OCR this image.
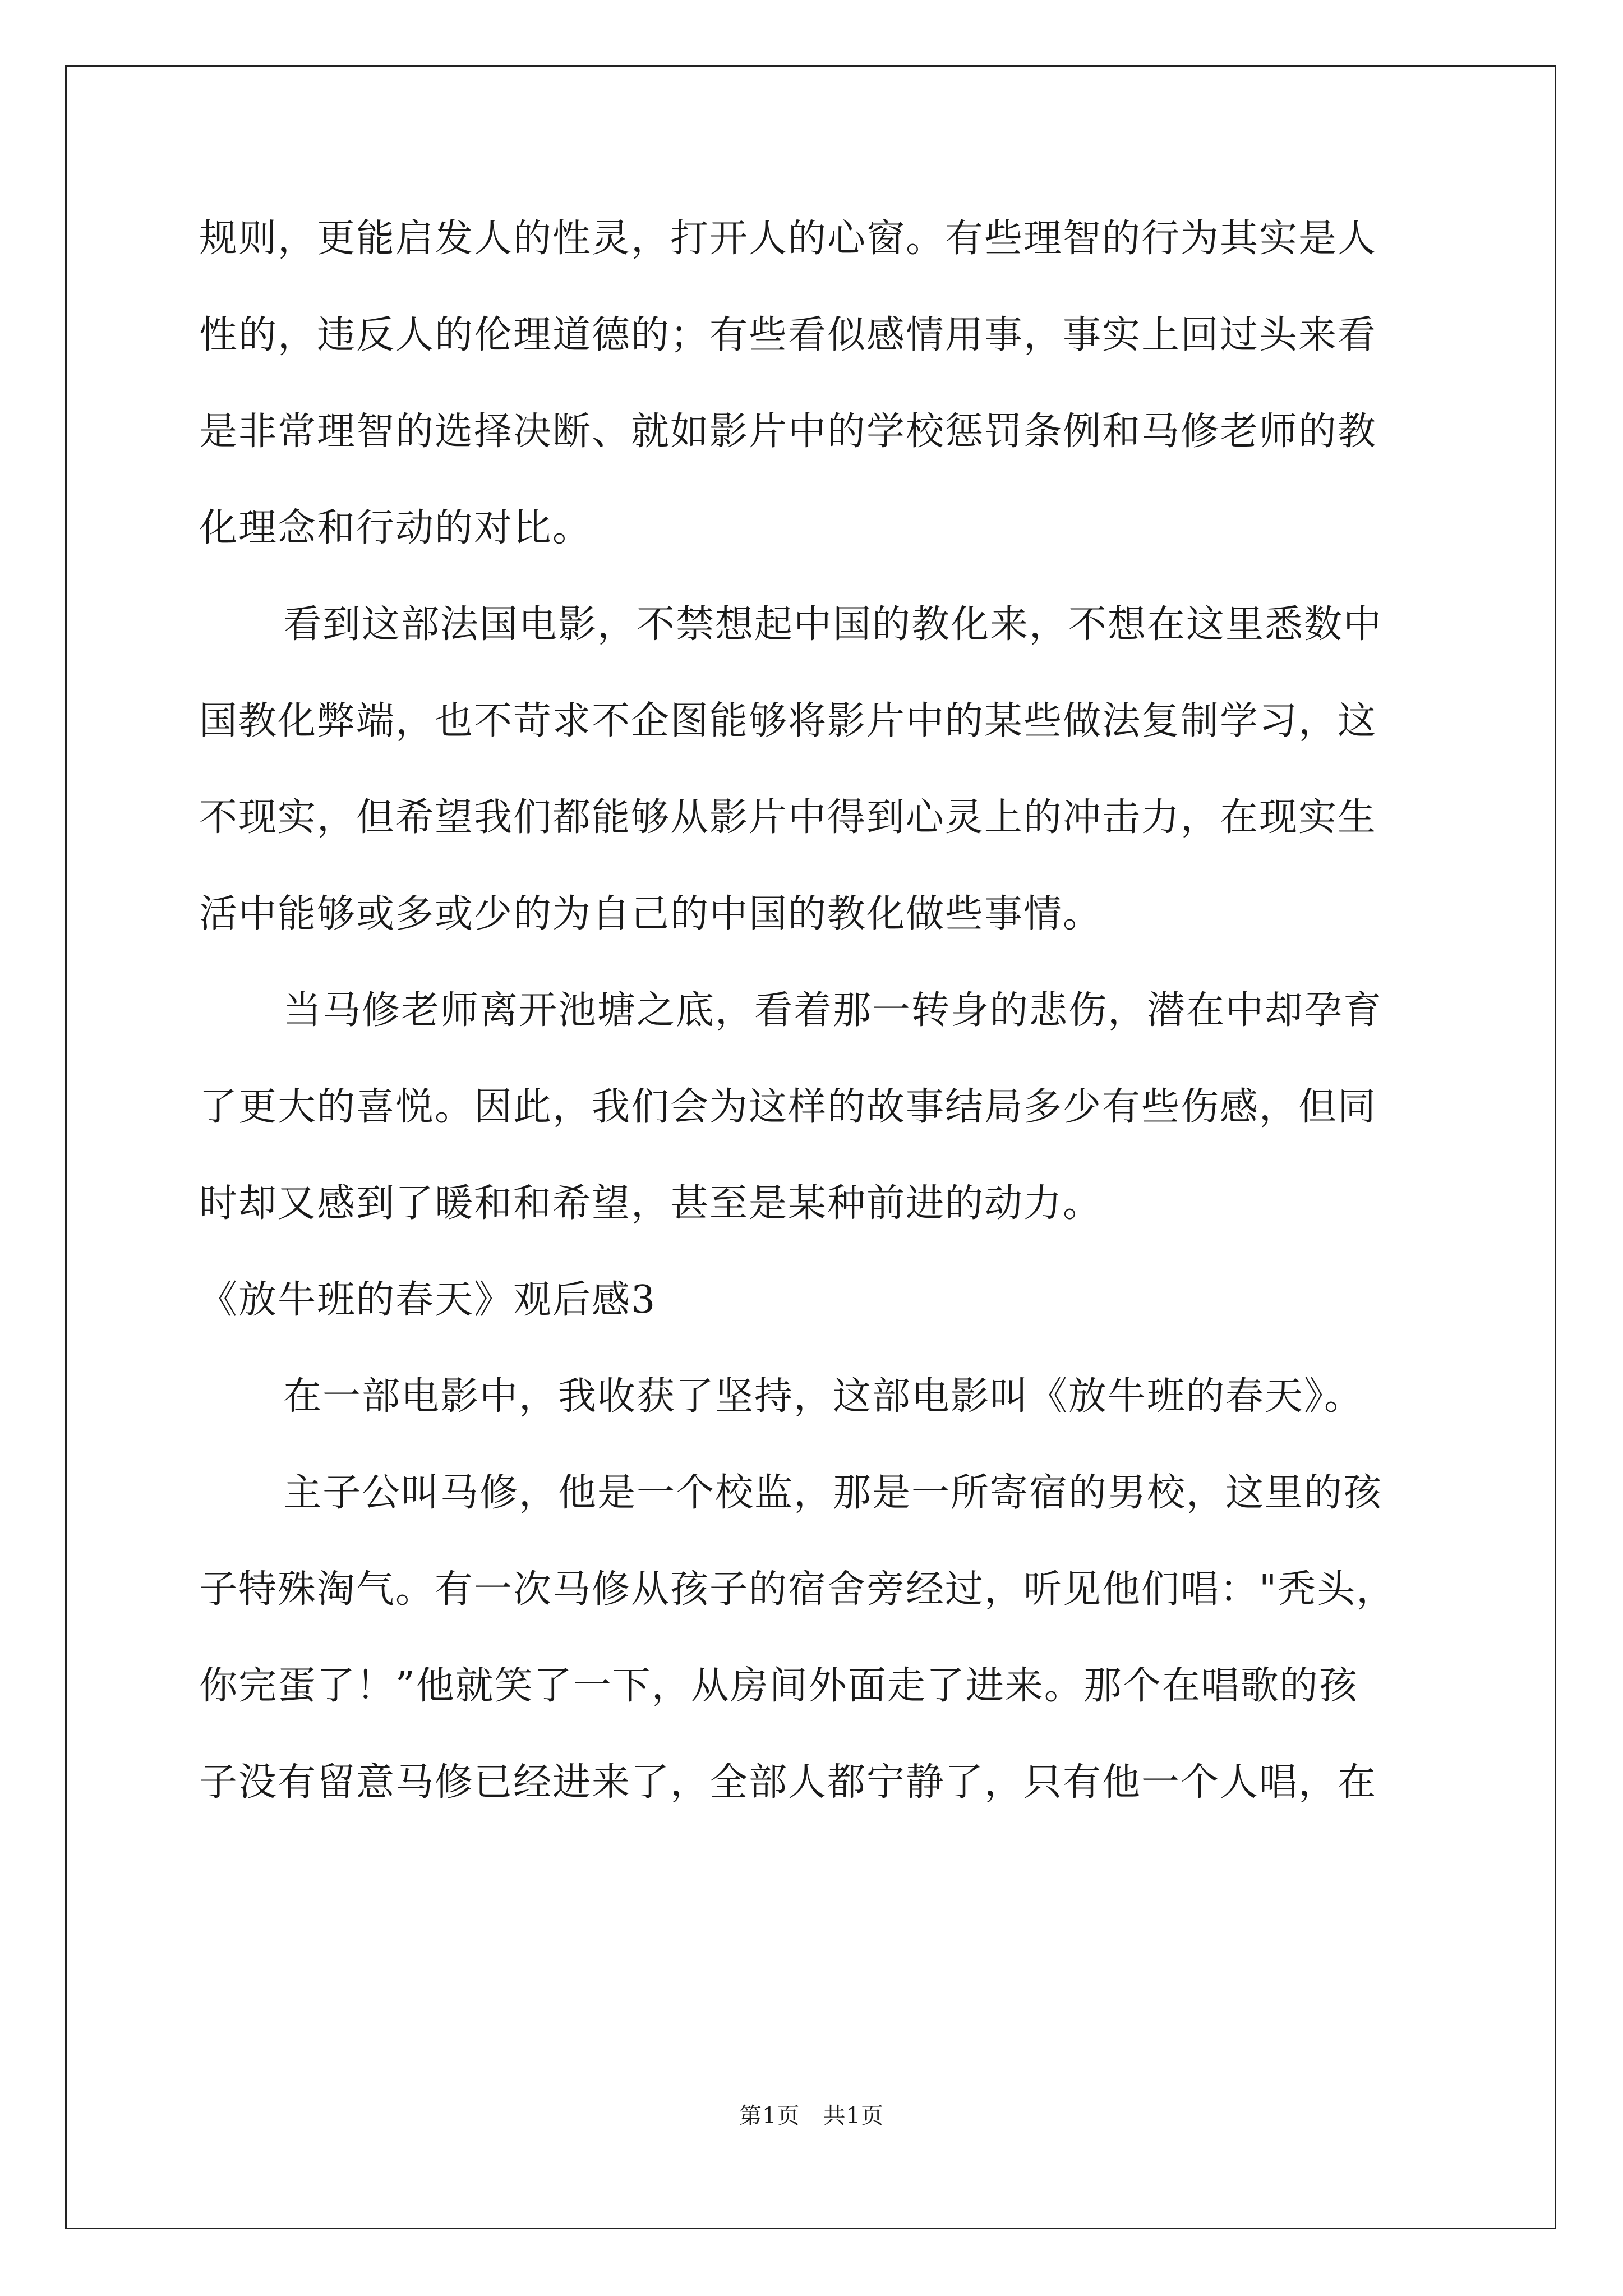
规则，更能启发人的性灵，打开人的心窗。有些理智的行为其实是人

性的，违反人的伦理道德的；有些看似感情用事，事实上回过头来看

是非常理智的选择决断、就如影片中的学校惩罚条例和马修老师的教

化理念和行动的对比。

看到这部法国电影，不禁想起中国的教化来，不想在这里悉数中

国教化弊端，也不苛求不企图能够将影片中的某些做法复制学习，这

不现实，但希望我们都能够从影片中得到心灵上的冲击力，在现实生

活中能够或多或少的为自己的中国的教化做些事情。

当马修老师离开池塘之底，看着那一转身的悲伤，潜在中却孕育

了更大的喜悦。因此，我们会为这样的故事结局多少有些伤感，但同

时却又感到了暖和和希望，甚至是某种前进的动力。

《放牛班的春天》观后感3

在一部电影中，我收获了坚持，这部电影叫《放牛班的春天》。

主子公叫马修，他是一个校监，那是一所寄宿的男校，这里的孩

子特殊淘气。有一次马修从孩子的宿舍旁经过，听见他们唱："秃头，

你完蛋了！”他就笑了一下，从房间外面走了进来。那个在唱歌的孩

子没有留意马修已经进来了，全部人都宁静了，只有他一个人唱，在

第1页　共1页
